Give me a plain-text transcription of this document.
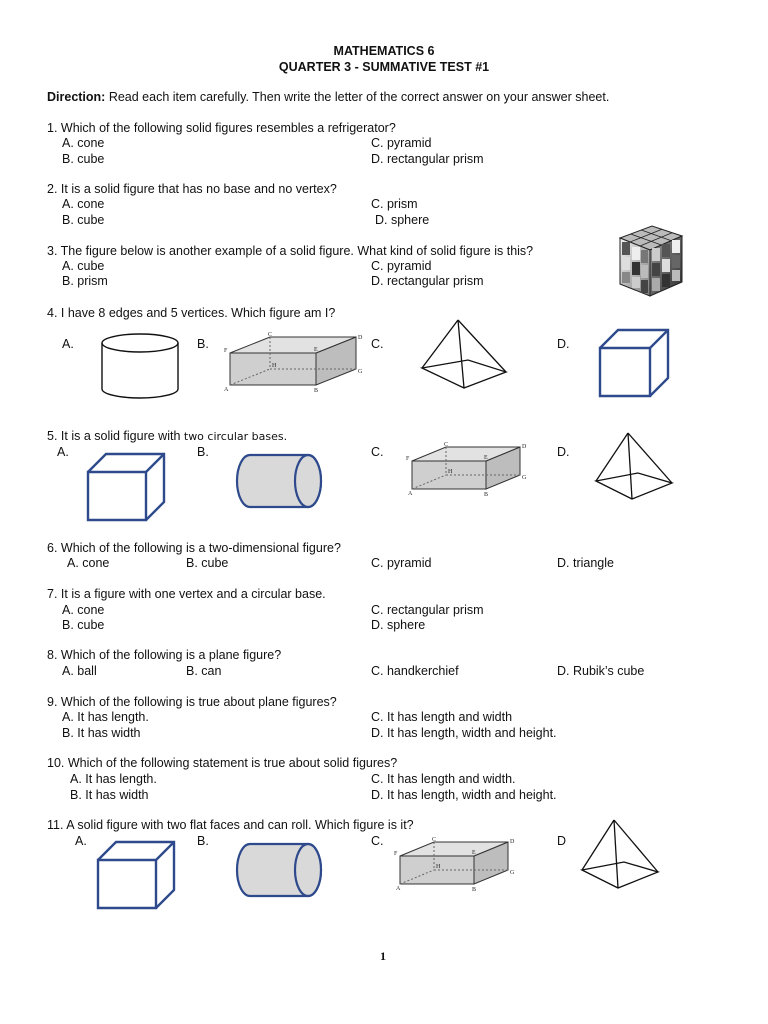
MATHEMATICS 6
QUARTER 3 - SUMMATIVE TEST #1
Direction: Read each item carefully. Then write the letter of the correct answer on your answer sheet.
1. Which of the following solid figures resembles a refrigerator?
A. cone
B. cube
C. pyramid
D. rectangular prism
2. It is a solid figure that has no base and no vertex?
A. cone
B. cube
C. prism
D. sphere
3. The figure below is another example of a solid figure. What kind of solid figure is this?
A. cube
B. prism
C. pyramid
D. rectangular prism
4. I have 8 edges and 5 vertices. Which figure am I?
A.	B.	C.	D.
A	B
C	D
E
F
G
H
5. It is a solid figure with two circular bases.
A.	B.	C.	D.
A	B
C	D
E
F
G
H
6. Which of the following is a two-dimensional figure?
A. cone	B. cube	C. pyramid	D. triangle
7. It is a figure with one vertex and a circular base.
A. cone
B. cube
C. rectangular prism
D. sphere
8. Which of the following is a plane figure?
A. ball	B. can	C. handkerchief	D. Rubik’s cube
9. Which of the following is true about plane figures?
A. It has length.
B. It has width
C. It has length and width
D. It has length, width and height.
10. Which of the following statement is true about solid figures?
A. It has length.
B. It has width
C. It has length and width.
D. It has length, width and height.
11. A solid figure with two flat faces and can roll. Which figure is it?
A.	B.	C.	D
A	B
C	D
E
F
G
H
1
